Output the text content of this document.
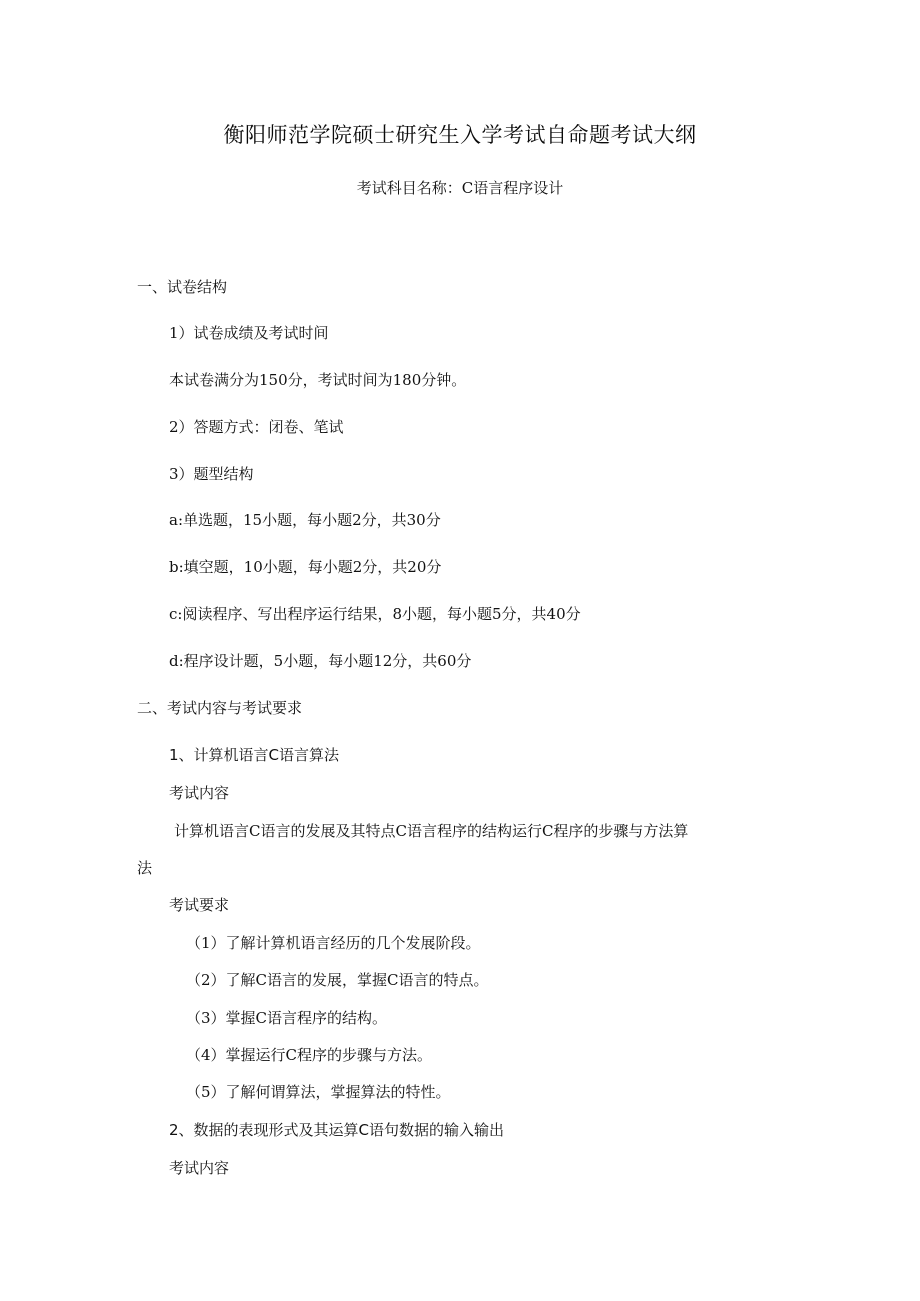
衡阳师范学院硕士研究生入学考试自命题考试大纲
考试科目名称：C语言程序设计
一、试卷结构
1）试卷成绩及考试时间
本试卷满分为150分，考试时间为180分钟。
2）答题方式：闭卷、笔试
3）题型结构
a:单选题，15小题，每小题2分，共30分
b:填空题，10小题，每小题2分，共20分
c:阅读程序、写出程序运行结果，8小题，每小题5分，共40分
d:程序设计题，5小题，每小题12分，共60分
二、考试内容与考试要求
1、计算机语言C语言算法
考试内容
计算机语言C语言的发展及其特点C语言程序的结构运行C程序的步骤与方法算
法
考试要求
（1）了解计算机语言经历的几个发展阶段。
（2）了解C语言的发展，掌握C语言的特点。
（3）掌握C语言程序的结构。
（4）掌握运行C程序的步骤与方法。
（5）了解何谓算法，掌握算法的特性。
2、数据的表现形式及其运算C语句数据的输入输出
考试内容
